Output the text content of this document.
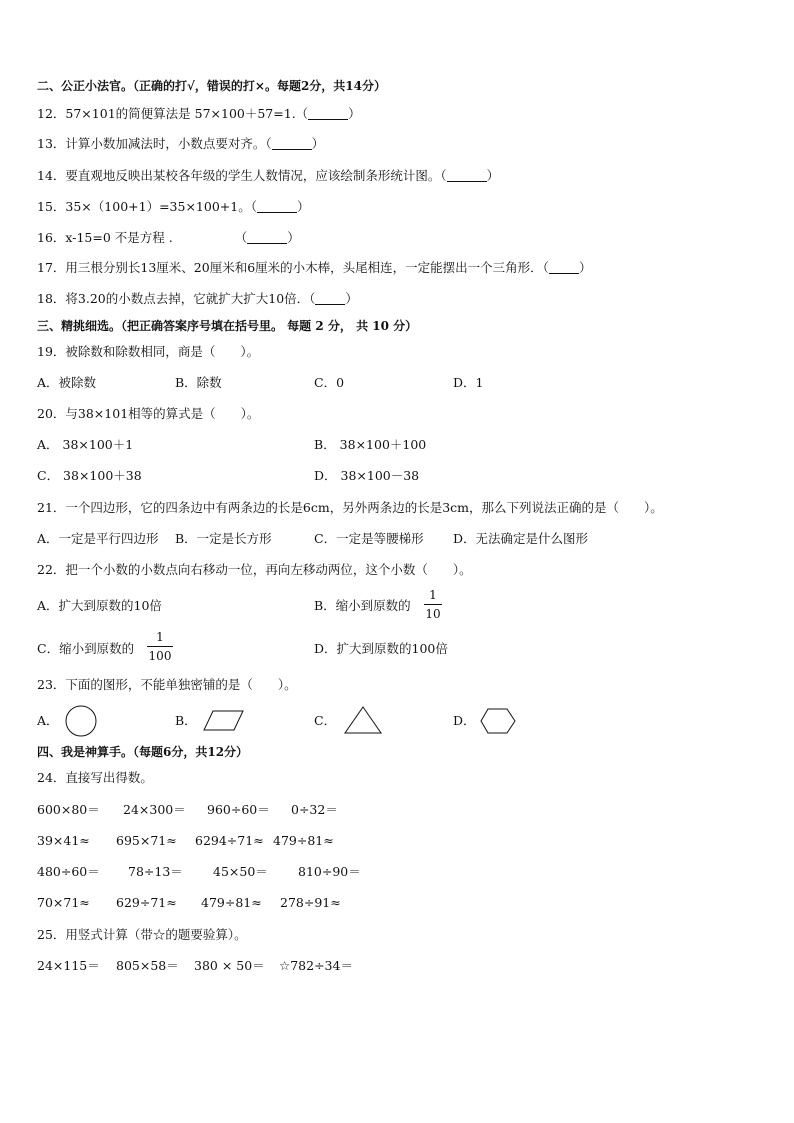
二、公正小法官。（正确的打√，错误的打×。每题2分，共14分）
12．57×101的简便算法是 57×100＋57=1.（	）
13．计算小数加减法时，小数点要对齐。（	）
14．要直观地反映出某校各年级的学生人数情况，应该绘制条形统计图。（	）
15．35×（100+1）=35×100+1。（	）
16．x-15=0 不是方程 .	（	）
17．用三根分别长13厘米、20厘米和6厘米的小木棒，头尾相连，一定能摆出一个三角形．（ ）
18．将3.20的小数点去掉，它就扩大扩大10倍．（ ）
三、精挑细选。（把正确答案序号填在括号里。 每题 2 分， 共 10 分）
19．被除数和除数相同，商是（　　）。
A．被除数	B．除数	C．0	D．1
20．与38×101相等的算式是（　　）。
A． 38×100＋1	B． 38×100＋100
C． 38×100＋38	D． 38×100－38
21．一个四边形，它的四条边中有两条边的长是6cm，另外两条边的长是3cm，那么下列说法正确的是（　　）。
A．一定是平行四边形 B．一定是长方形	C．一定是等腰梯形 D．无法确定是什么图形
22．把一个小数的小数点向右移动一位，再向左移动两位，这个小数（　　）。
A．扩大到原数的10倍	B．缩小到原数的
1
10
C．缩小到原数的
1
100	D．扩大到原数的100倍
23．下面的图形，不能单独密铺的是（　　）。
A．	B．	C．	D．
四、我是神算手。（每题6分，共12分）
24．直接写出得数。
600×80＝ 24×300＝ 960÷60＝ 0÷32＝
39×41≈ 695×71≈ 6294÷71≈ 479÷81≈
480÷60＝ 78÷13＝ 45×50＝ 810÷90＝
70×71≈ 629÷71≈ 479÷81≈ 278÷91≈
25．用竖式计算（带☆的题要验算）。
24×115＝ 805×58＝ 380 × 50＝ ☆782÷34＝
